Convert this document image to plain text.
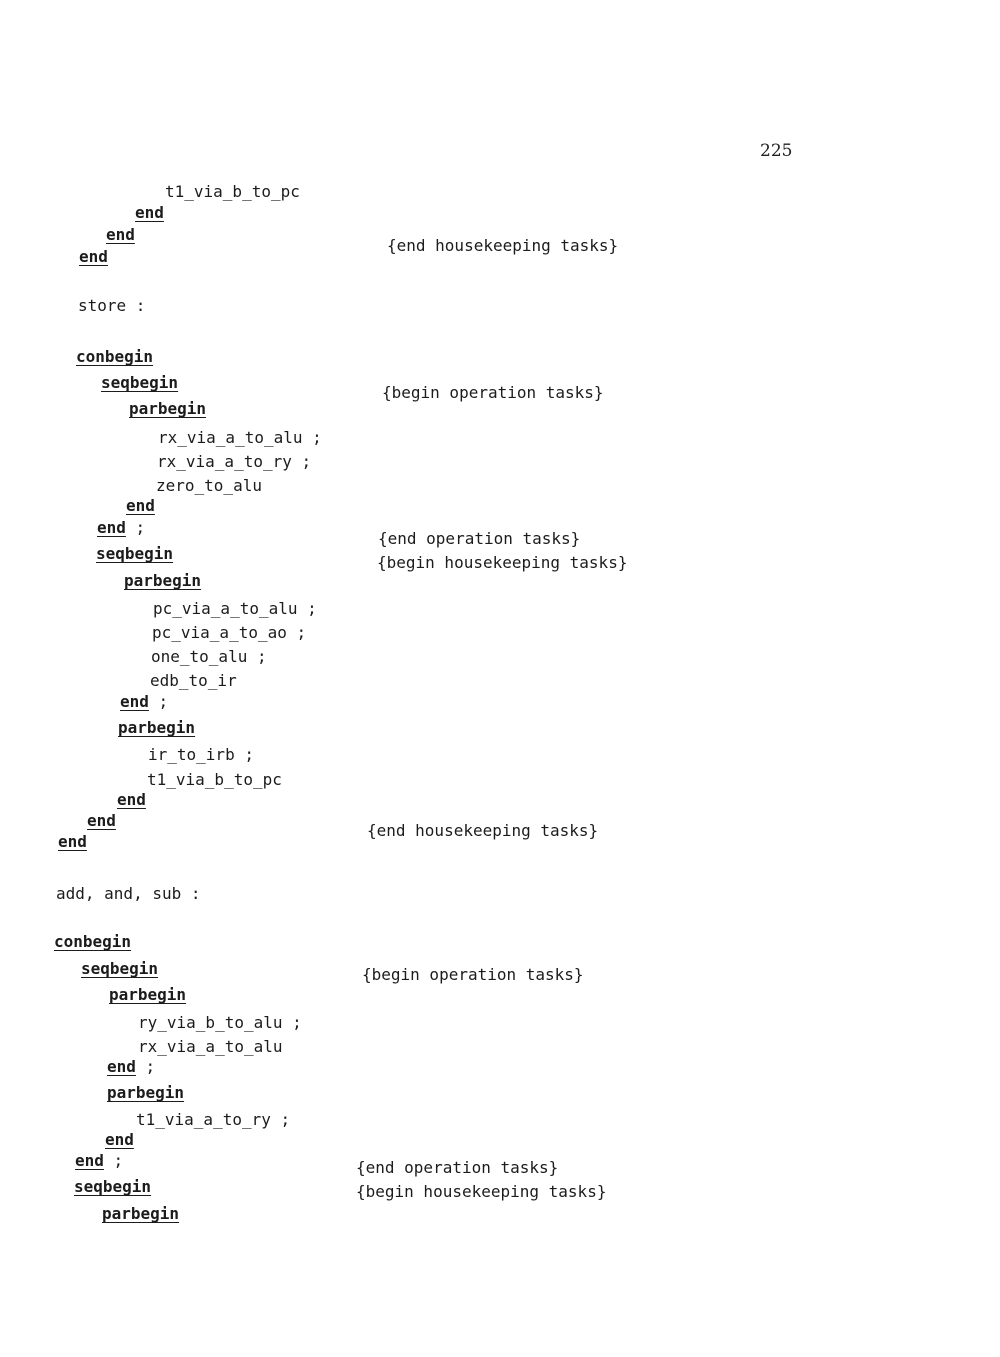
225
t1_via_b_to_pc
end
end
end
store :
conbegin
seqbegin
parbegin
rx_via_a_to_alu ;
rx_via_a_to_ry ;
zero_to_alu
end
end ;
seqbegin
parbegin
pc_via_a_to_alu ;
pc_via_a_to_ao ;
one_to_alu ;
edb_to_ir
end ;
parbegin
ir_to_irb ;
t1_via_b_to_pc
end
end
end
add, and, sub :
conbegin
seqbegin
parbegin
ry_via_b_to_alu ;
rx_via_a_to_alu
end ;
parbegin
t1_via_a_to_ry ;
end
end ;
seqbegin
parbegin
{end housekeeping tasks}
{begin operation tasks}
{end operation tasks}
{begin housekeeping tasks}
{end housekeeping tasks}
{begin operation tasks}
{end operation tasks}
{begin housekeeping tasks}
